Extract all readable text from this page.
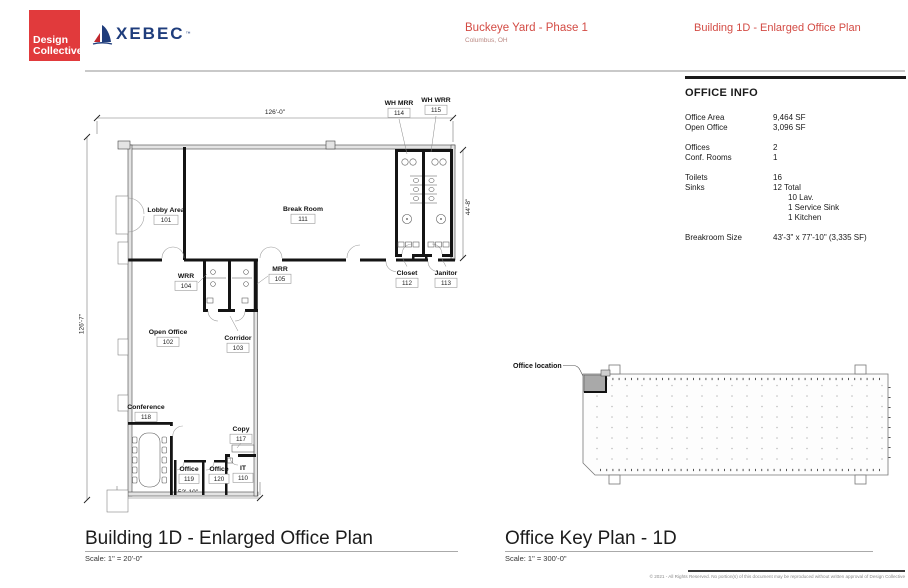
Design
Collective
XEBEC ™	Buckeye Yard - Phase 1
Columbus, OH
Building 1D - Enlarged Office Plan
OFFICE INFO
Office Area	9,464 SF
Open Office	3,096 SF
Offices	2
Conf. Rooms	1
Toilets	16
Sinks	12 Total
10 Lav.
1 Service Sink
1 Kitchen
Breakroom Size	43'-3" x 77'-10" (3,335 SF)
126'-0"
126'-7"
44'-8"
Lobby Area
101
Break Room
111
WH MRR
114
WH WRR
115
WRR
104
MRR
105
Closet
112
Janitor
113
Open Office
102
Corridor
103
Conference
118
Copy
117
Office
119
Office
120
IT
110
Office location
Building 1D - Enlarged Office Plan
Scale: 1" = 20'-0"
Office Key Plan - 1D
Scale: 1" = 300'-0"
© 2021 - All Rights Reserved. No portion(s) of this document may be reproduced without written approval of Design Collective
